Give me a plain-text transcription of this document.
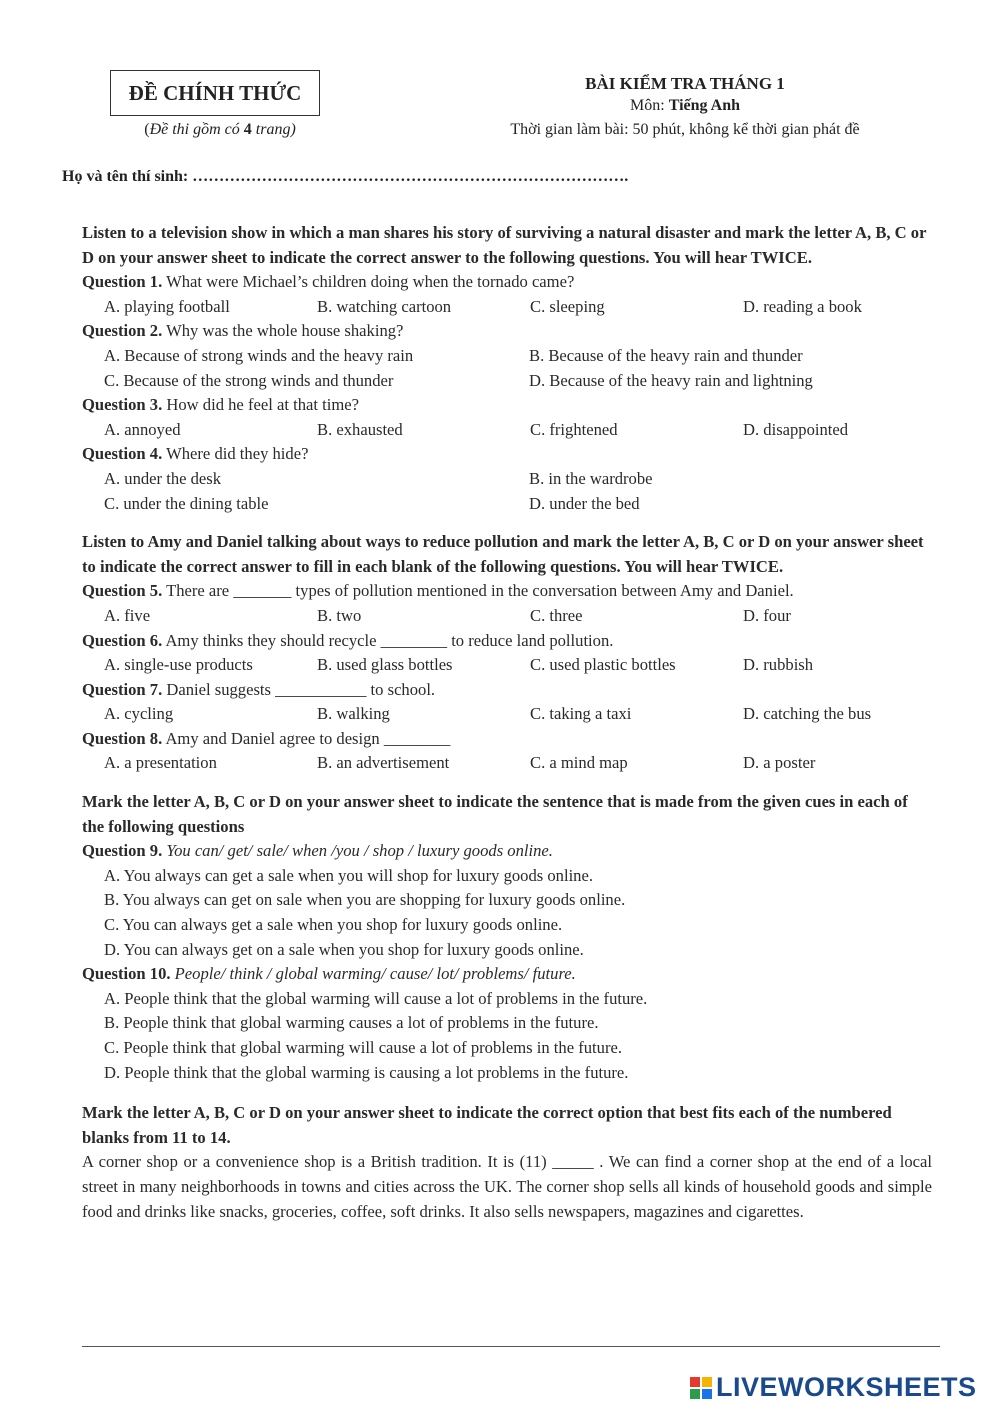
ĐỀ CHÍNH THỨC
(Đề thi gồm có 4 trang)
BÀI KIỂM TRA THÁNG 1
Môn: Tiếng Anh
Thời gian làm bài: 50 phút, không kể thời gian phát đề
Họ và tên thí sinh: ……………………………………………………………………….

Listen to a television show in which a man shares his story of surviving a natural disaster and mark the letter A, B, C or D on your answer sheet to indicate the correct answer to the following questions. You will hear TWICE.

Question 1. What were Michael’s children doing when the tornado came?

A. playing football	B. watching cartoon	C. sleeping	D. reading a book

Question 2. Why was the whole house shaking?

A. Because of strong winds and the heavy rain	B. Because of the heavy rain and thunder
C. Because of the strong winds and thunder	D. Because of the heavy rain and lightning

Question 3. How did he feel at that time?

A. annoyed	B. exhausted	C. frightened	D. disappointed

Question 4. Where did they hide?

A. under the desk	B. in the wardrobe
C. under the dining table	D. under the bed

Listen to Amy and Daniel talking about ways to reduce pollution and mark the letter A, B, C or D on your answer sheet to indicate the correct answer to fill in each blank of the following questions. You will hear TWICE.

Question 5. There are _______ types of pollution mentioned in the conversation between Amy and Daniel.

A. five	B. two	C. three	D. four

Question 6. Amy thinks they should recycle ________ to reduce land pollution.

A. single-use products	B. used glass bottles	C. used plastic bottles	D. rubbish

Question 7. Daniel suggests ___________ to school.

A. cycling	B. walking	C. taking a taxi	D. catching the bus

Question 8. Amy and Daniel agree to design ________

A. a presentation	B. an advertisement	C. a mind map	D. a poster

Mark the letter A, B, C or D on your answer sheet to indicate the sentence that is made from the given cues in each of the following questions

Question 9. You can/ get/ sale/ when /you / shop / luxury goods online.

A. You always can get a sale when you will shop for luxury goods online.

B. You always can get on sale when you are shopping for luxury goods online.

C. You can always get a sale when you shop for luxury goods online.

D. You can always get on a sale when you shop for luxury goods online.

Question 10. People/ think / global warming/ cause/ lot/ problems/ future.

A. People think that the global warming will cause a lot of problems in the future.

B. People think that global warming causes a lot of problems in the future.

C. People think that global warming will cause a lot of problems in the future.

D. People think that the global warming is causing a lot problems in the future.

Mark the letter A, B, C or D on your answer sheet to indicate the correct option that best fits each of the numbered blanks from 11 to 14.

A corner shop or a convenience shop is a British tradition. It is (11) _____ . We can find a corner shop at the end of a local street in many neighborhoods in towns and cities across the UK. The corner shop sells all kinds of household goods and simple food and drinks like snacks, groceries, coffee, soft drinks. It also sells newspapers, magazines and cigarettes.

LIVEWORKSHEETS
